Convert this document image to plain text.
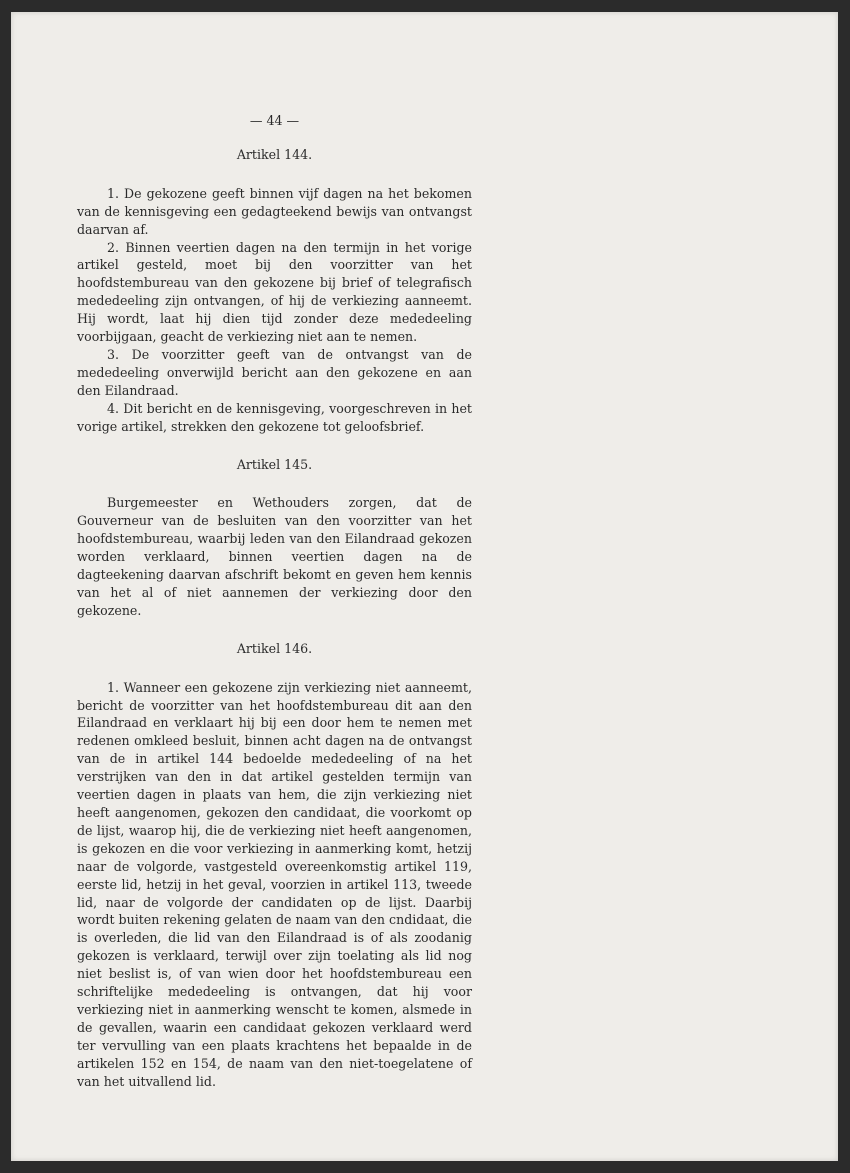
— 44 —
Artikel 144.

1. De gekozene geeft binnen vijf dagen na het bekomen van de kennisgeving een gedagteekend bewijs van ontvangst daarvan af.

2. Binnen veertien dagen na den termijn in het vorige artikel gesteld, moet bij den voorzitter van het hoofdstembureau van den gekozene bij brief of telegrafisch mededeeling zijn ontvangen, of hij de verkiezing aanneemt. Hij wordt, laat hij dien tijd zonder deze mededeeling voorbijgaan, geacht de verkiezing niet aan te nemen.

3. De voorzitter geeft van de ontvangst van de mededeeling onverwijld bericht aan den gekozene en aan den Eilandraad.

4. Dit bericht en de kennisgeving, voorgeschreven in het vorige artikel, strekken den gekozene tot geloofsbrief.

Artikel 145.

Burgemeester en Wethouders zorgen, dat de Gouverneur van de besluiten van den voorzitter van het hoofdstembureau, waarbij leden van den Eilandraad gekozen worden verklaard, binnen veertien dagen na de dagteekening daarvan afschrift bekomt en geven hem kennis van het al of niet aannemen der verkiezing door den gekozene.

Artikel 146.

1. Wanneer een gekozene zijn verkiezing niet aanneemt, bericht de voorzitter van het hoofdstembureau dit aan den Eilandraad en verklaart hij bij een door hem te nemen met redenen omkleed besluit, binnen acht dagen na de ontvangst van de in artikel 144 bedoelde mededeeling of na het verstrijken van den in dat artikel gestelden termijn van veertien dagen in plaats van hem, die zijn verkiezing niet heeft aangenomen, gekozen den candidaat, die voorkomt op de lijst, waarop hij, die de verkiezing niet heeft aangenomen, is gekozen en die voor verkiezing in aanmerking komt, hetzij naar de volgorde, vastgesteld overeenkomstig artikel 119, eerste lid, hetzij in het geval, voorzien in artikel 113, tweede lid, naar de volgorde der candidaten op de lijst. Daarbij wordt buiten rekening gelaten de naam van den cndidaat, die is overleden, die lid van den Eilandraad is of als zoodanig gekozen is verklaard, terwijl over zijn toelating als lid nog niet beslist is, of van wien door het hoofdstembureau een schriftelijke mededeeling is ontvangen, dat hij voor verkiezing niet in aanmerking wenscht te komen, alsmede in de gevallen, waarin een candidaat gekozen verklaard werd ter vervulling van een plaats krachtens het bepaalde in de artikelen 152 en 154, de naam van den niet-toegelatene of van het uitvallend lid.
